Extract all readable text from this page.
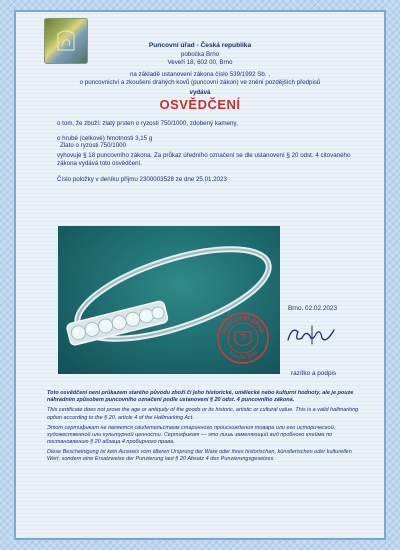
Puncovní úřad - Česká republika
pobočka Brno
Veveří 18, 602 00, Brno
na základě ustanovení zákona číslo 539/1992 Sb. ,
o puncovnictví a zkoušení drahých kovů (puncovní zákon) ve znění pozdějších předpisů
vydává
OSVĚDČENÍ
o tom, že zboží: zlatý prsten o ryzosti 750/1000, zdobený kameny,
o hrubé (celkové) hmotnosti 3,15 g
Zlato o ryzosti 750/1000
vyhovuje § 18 puncovního zákona. Za průkaz úředního označení se dle ustanovení § 20 odst. 4 citovaného zákona vydává toto osvědčení.
Číslo položky v deníku příjmu 2300003528 ze dne 25.01.2023
Brno, 02.02.2023
PUNCOVNÍ ÚŘAD
pobočka Brno
razítko a podpis

Toto osvědčení není průkazem starého původu zboží či jeho historické, umělecké nebo kulturní hodnoty, ale je pouze náhradním způsobem puncovního označení podle ustanovení § 20 odst. 4 puncovního zákona.

This certificate does not prove the age or antiquity of the goods or its historic, artistic or cultural value. This is a valid hallmarking option according to the § 20, article 4 of the Hallmarking Act.

Этот сертификат не является свидетельством старинного происхождения товара или его исторической, художественной или культурной ценности. Сертификат — это лишь заменяющий вид пробного клейма по постановлению § 20 абзаца 4 пробирного права.

Diese Bescheinigung ist kein Ausweis vom älteren Ursprung der Ware oder ihres historischen, künstlerischen oder kulturellen Wert, sondern eine Ersatzweise der Punzierung laut § 20 Absatz 4 des Punzierungsgesetzes.
